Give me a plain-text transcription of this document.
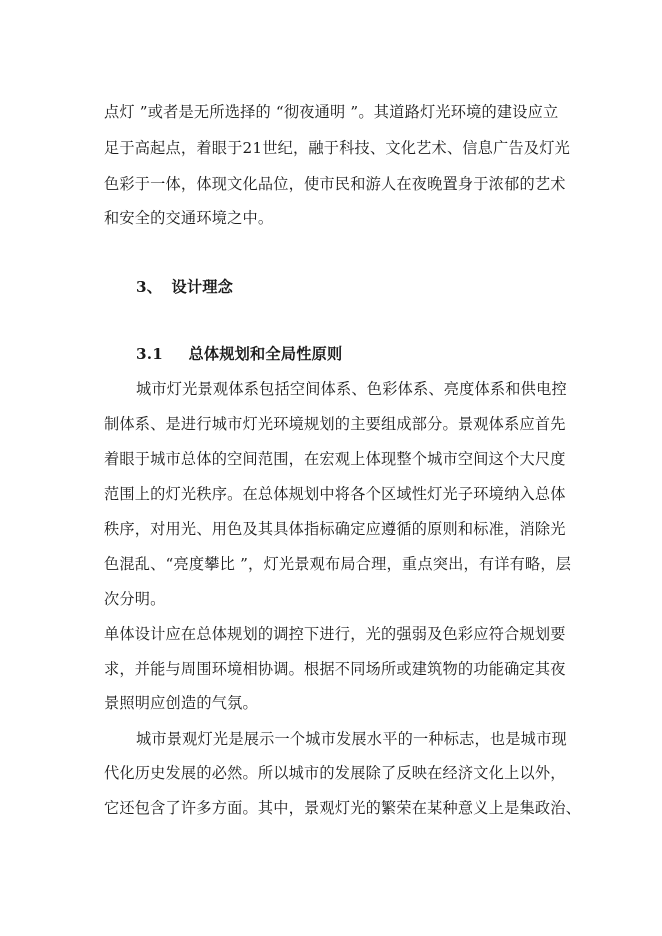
点灯 ”或者是无所选择的 “彻夜通明 ”。其道路灯光环境的建设应立
足于高起点，着眼于21世纪，融于科技、文化艺术、信息广告及灯光
色彩于一体，体现文化品位，使市民和游人在夜晚置身于浓郁的艺术
和安全的交通环境之中。
3、 设计理念
3.1 总体规划和全局性原则
城市灯光景观体系包括空间体系、色彩体系、亮度体系和供电控
制体系、是进行城市灯光环境规划的主要组成部分。景观体系应首先
着眼于城市总体的空间范围，在宏观上体现整个城市空间这个大尺度
范围上的灯光秩序。在总体规划中将各个区域性灯光子环境纳入总体
秩序，对用光、用色及其具体指标确定应遵循的原则和标准，消除光
色混乱、“亮度攀比 ”，灯光景观布局合理，重点突出，有详有略，层
次分明。
单体设计应在总体规划的调控下进行，光的强弱及色彩应符合规划要
求，并能与周围环境相协调。根据不同场所或建筑物的功能确定其夜
景照明应创造的气氛。
城市景观灯光是展示一个城市发展水平的一种标志，也是城市现
代化历史发展的必然。所以城市的发展除了反映在经济文化上以外，
它还包含了许多方面。其中，景观灯光的繁荣在某种意义上是集政治、
